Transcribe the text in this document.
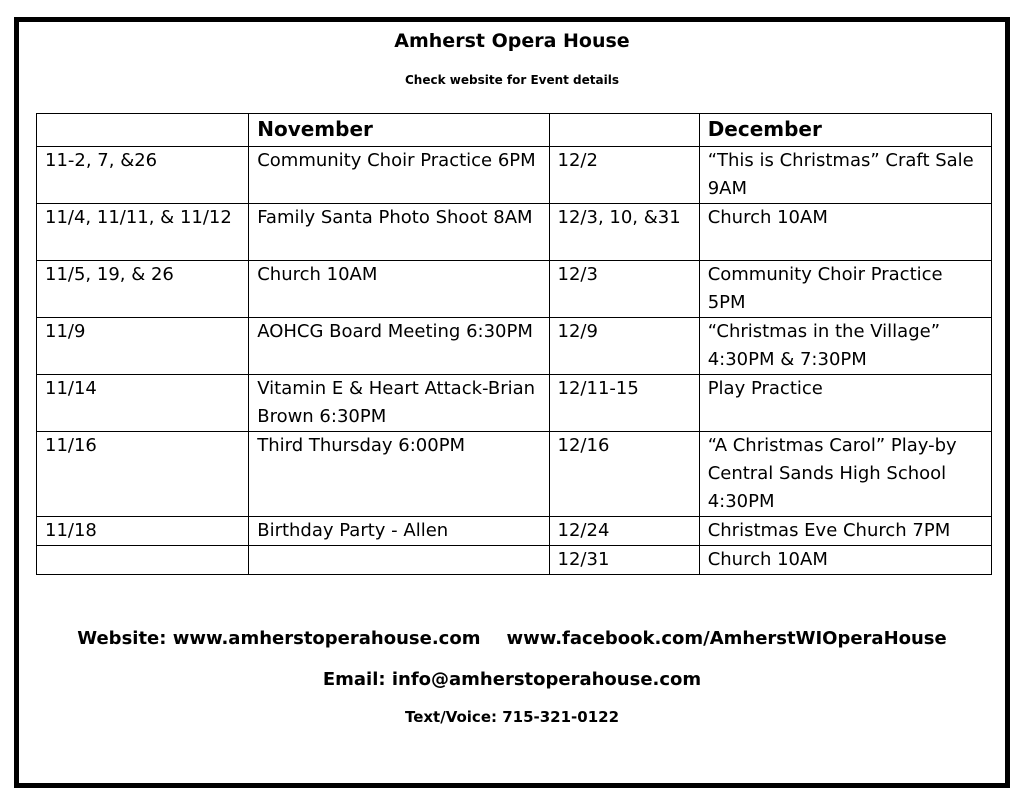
Amherst Opera House
Check website for Event details
	November		December
11-2, 7, &26	Community Choir Practice 6PM	12/2	“This is Christmas” Craft Sale 9AM
11/4, 11/11, & 11/12	Family Santa Photo Shoot 8AM	12/3, 10, &31	Church 10AM
11/5, 19, & 26	Church 10AM	12/3	Community Choir Practice 5PM
11/9	AOHCG Board Meeting 6:30PM	12/9	“Christmas in the Village” 4:30PM & 7:30PM
11/14	Vitamin E & Heart Attack-Brian Brown 6:30PM	12/11-15	Play Practice
11/16	Third Thursday 6:00PM	12/16	“A Christmas Carol” Play-by Central Sands High School 4:30PM
11/18	Birthday Party - Allen	12/24	Christmas Eve Church 7PM
		12/31	Church 10AM
Website: www.amherstoperahouse.com www.facebook.com/AmherstWIOperaHouse
Email: info@amherstoperahouse.com
Text/Voice: 715-321-0122
